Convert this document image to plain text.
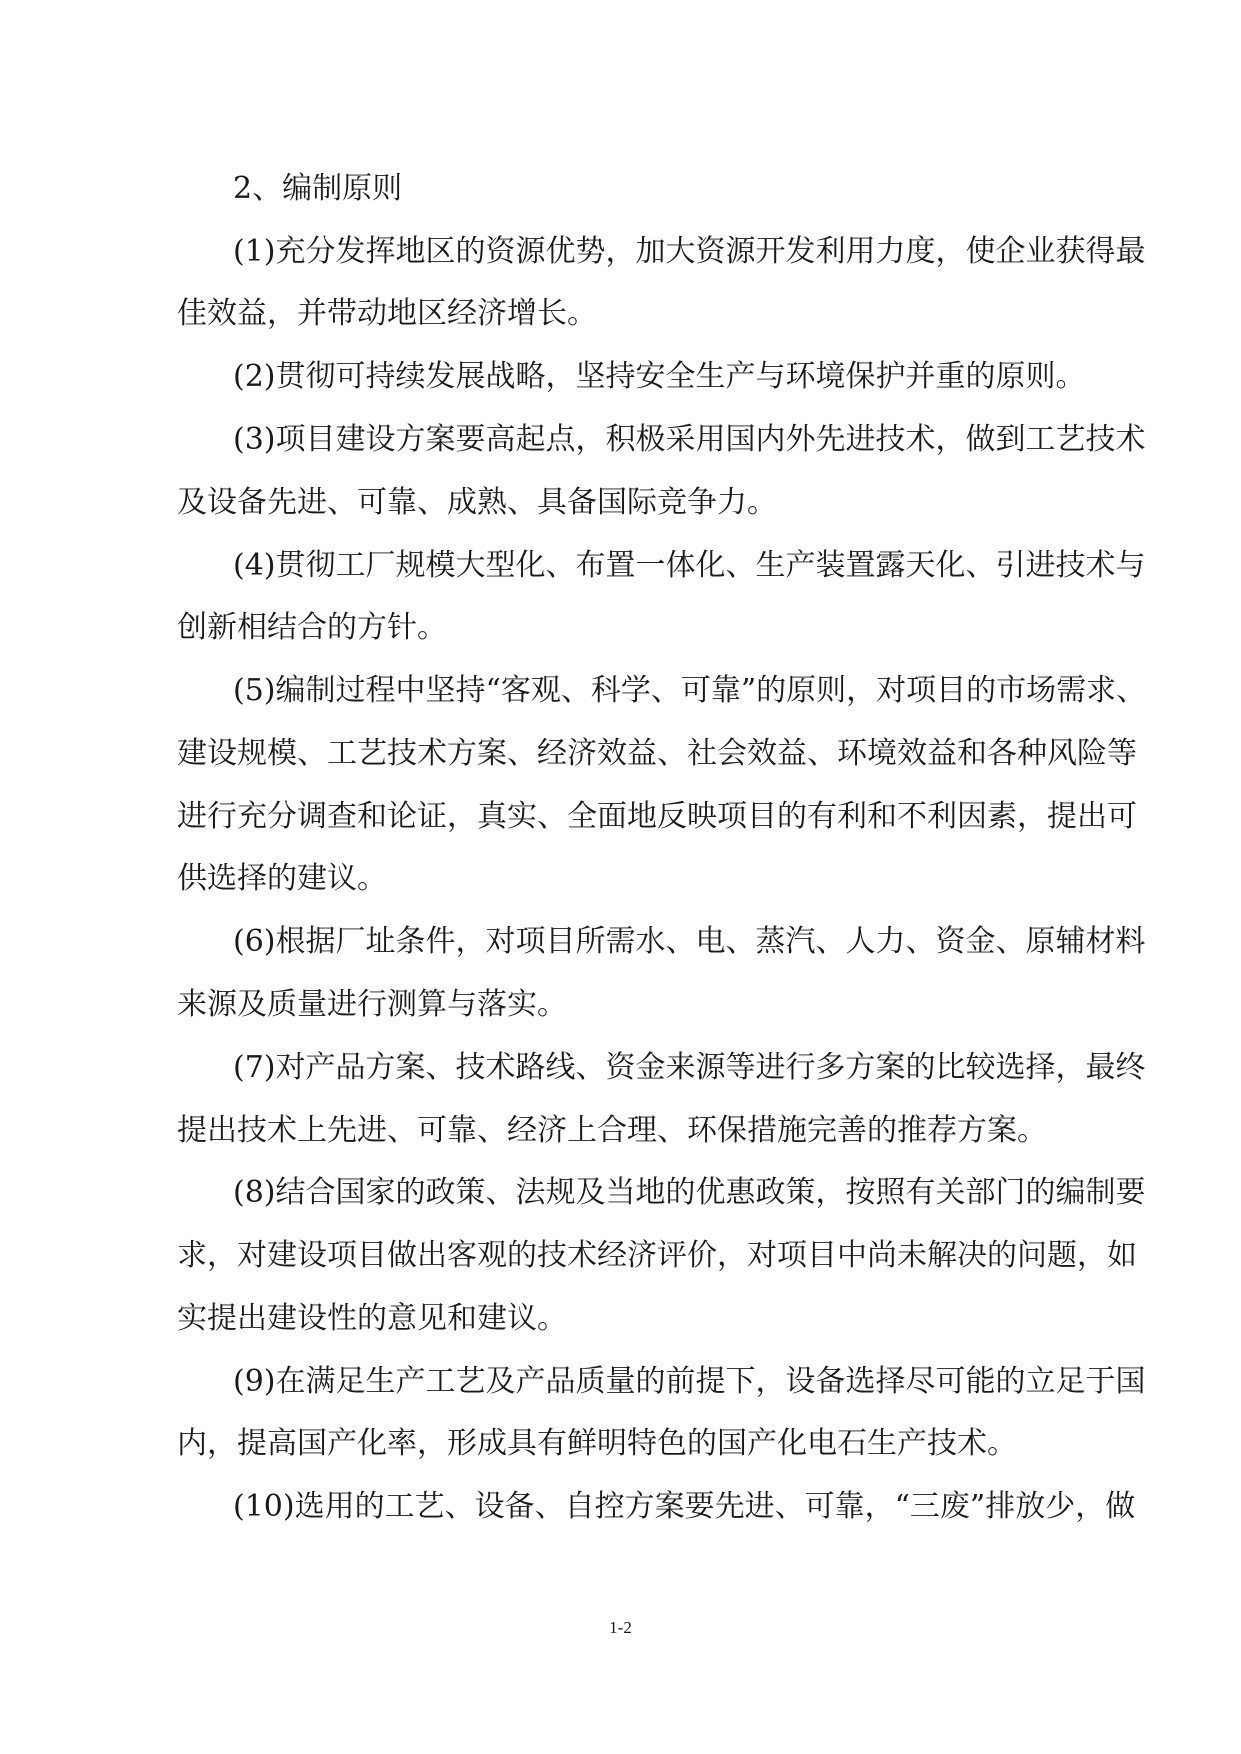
2、编制原则
(1)充分发挥地区的资源优势，加大资源开发利用力度，使企业获得最
佳效益，并带动地区经济增长。
(2)贯彻可持续发展战略，坚持安全生产与环境保护并重的原则。
(3)项目建设方案要高起点，积极采用国内外先进技术，做到工艺技术
及设备先进、可靠、成熟、具备国际竞争力。
(4)贯彻工厂规模大型化、布置一体化、生产装置露天化、引进技术与
创新相结合的方针。
(5)编制过程中坚持“客观、科学、可靠”的原则，对项目的市场需求、
建设规模、工艺技术方案、经济效益、社会效益、环境效益和各种风险等
进行充分调查和论证，真实、全面地反映项目的有利和不利因素，提出可
供选择的建议。
(6)根据厂址条件，对项目所需水、电、蒸汽、人力、资金、原辅材料
来源及质量进行测算与落实。
(7)对产品方案、技术路线、资金来源等进行多方案的比较选择，最终
提出技术上先进、可靠、经济上合理、环保措施完善的推荐方案。
(8)结合国家的政策、法规及当地的优惠政策，按照有关部门的编制要
求，对建设项目做出客观的技术经济评价，对项目中尚未解决的问题，如
实提出建设性的意见和建议。
(9)在满足生产工艺及产品质量的前提下，设备选择尽可能的立足于国
内，提高国产化率，形成具有鲜明特色的国产化电石生产技术。
(10)选用的工艺、设备、自控方案要先进、可靠，“三废”排放少，做
1-2
